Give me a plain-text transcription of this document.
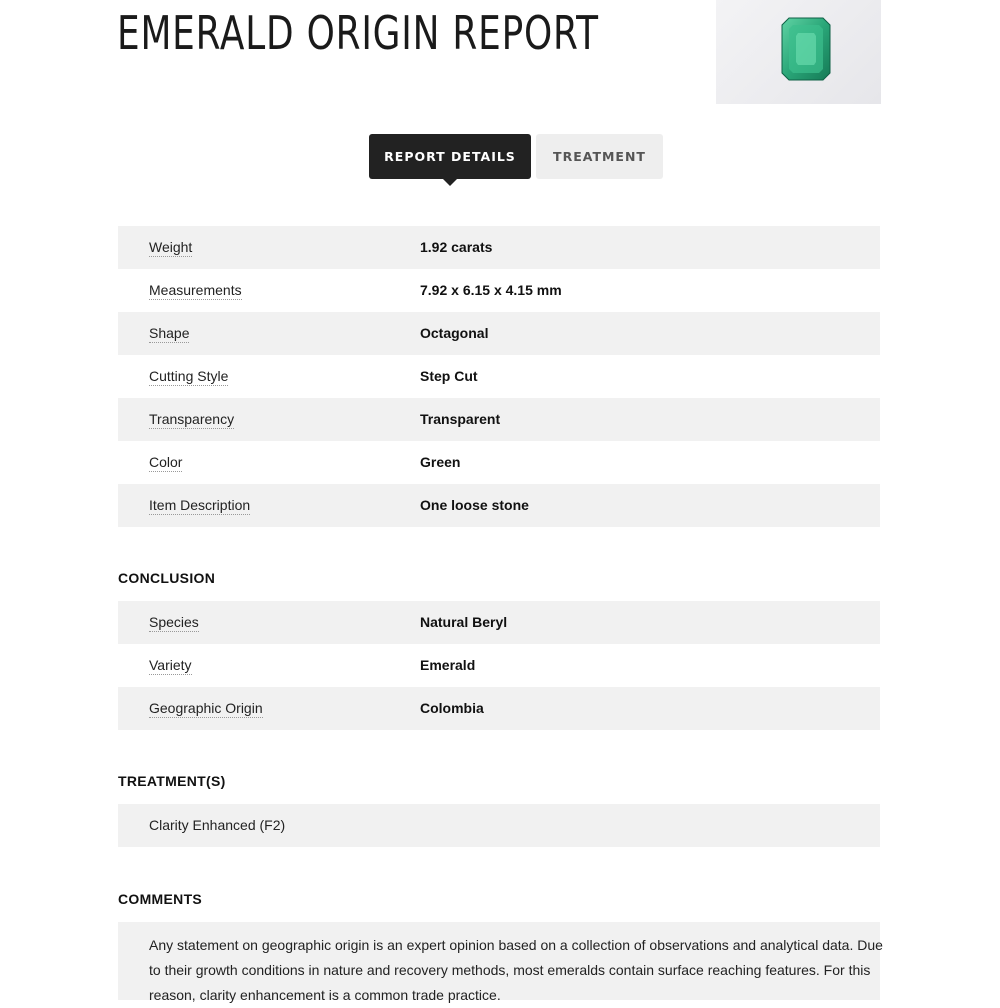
EMERALD ORIGIN REPORT
REPORT DETAILS	TREATMENT
Weight	1.92 carats
Measurements	7.92 x 6.15 x 4.15 mm
Shape	Octagonal
Cutting Style	Step Cut
Transparency	Transparent
Color	Green
Item Description	One loose stone
CONCLUSION
Species	Natural Beryl
Variety	Emerald
Geographic Origin	Colombia
TREATMENT(S)
Clarity Enhanced (F2)
COMMENTS

Any statement on geographic origin is an expert opinion based on a collection of observations and analytical data. Due to their growth conditions in nature and recovery methods, most emeralds contain surface reaching features. For this reason, clarity enhancement is a common trade practice.
